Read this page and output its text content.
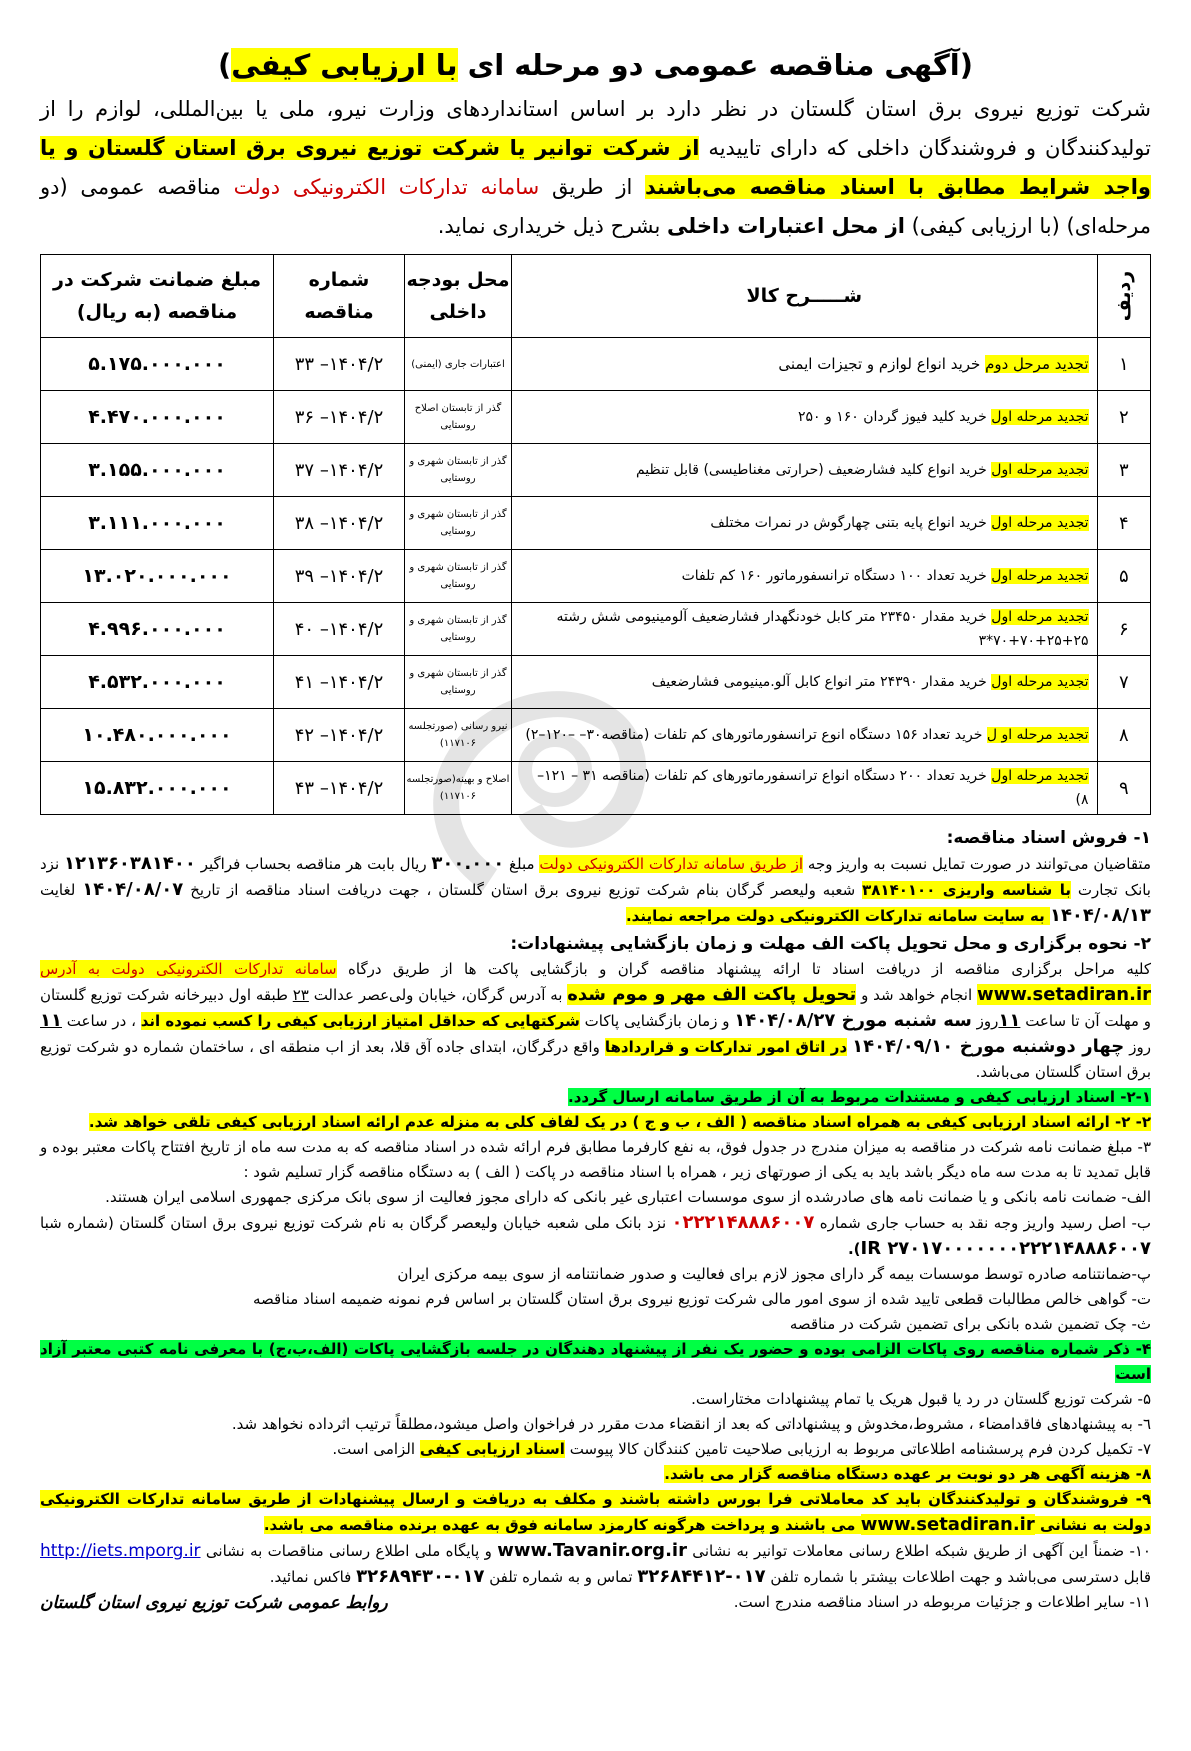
(آگهی مناقصه عمومی دو مرحله ای با ارزیابی کیفی)

شرکت توزیع نیروی برق استان گلستان در نظر دارد بر اساس استانداردهای وزارت نیرو، ملی یا بین‌المللی، لوازم را از تولیدکنندگان و فروشندگان داخلی که دارای تاییدیه از شرکت توانیر یا شرکت توزیع نیروی برق استان گلستان و یا واجد شرایط مطابق با اسناد مناقصه می‌باشند از طریق سامانه تدارکات الکترونیکی دولت مناقصه عمومی (دو مرحله‌ای) (با ارزیابی کیفی) از محل اعتبارات داخلی بشرح ذیل خریداری نماید.

ردیف	شـــــرح کالا	محل بودجه داخلی	شماره مناقصه	مبلغ ضمانت شرکت در مناقصه (به ریال)
۱	تجدید مرحل دوم خرید انواع لوازم و تجیزات ایمنی	اعتبارات جاری (ایمنی)	۱۴۰۴/۲– ۳۳	۵.۱۷۵.۰۰۰.۰۰۰
۲	تجدید مرحله اول خرید کلید فیوز گردان ۱۶۰ و ۲۵۰	گذر از تابستان اصلاح روستایی	۱۴۰۴/۲– ۳۶	۴.۴۷۰.۰۰۰.۰۰۰
۳	تجدید مرحله اول خرید انواع کلید فشارضعیف (حرارتی مغناطیسی) قابل تنظیم	گذر از تابستان شهری و روستایی	۱۴۰۴/۲– ۳۷	۳.۱۵۵.۰۰۰.۰۰۰
۴	تجدید مرحله اول خرید انواع پایه بتنی چهارگوش در نمرات مختلف	گذر از تابستان شهری و روستایی	۱۴۰۴/۲– ۳۸	۳.۱۱۱.۰۰۰.۰۰۰
۵	تجدید مرحله اول خرید تعداد ۱۰۰ دستگاه ترانسفورماتور ۱۶۰ کم تلفات	گذر از تابستان شهری و روستایی	۱۴۰۴/۲– ۳۹	۱۳.۰۲۰.۰۰۰.۰۰۰
۶	تجدید مرحله اول خرید مقدار ۲۳۴۵۰ متر کابل خودنگهدار فشارضعیف آلومینیومی شش رشته ۲۵+۲۵+۷۰+۷۰*۳	گذر از تابستان شهری و روستایی	۱۴۰۴/۲– ۴۰	۴.۹۹۶.۰۰۰.۰۰۰
۷	تجدید مرحله اول خرید مقدار ۲۴۳۹۰ متر انواع کابل آلو.مینیومی فشارضعیف	گذر از تابستان شهری و روستایی	۱۴۰۴/۲– ۴۱	۴.۵۳۲.۰۰۰.۰۰۰
۸	تجدید مرحله او ل خرید تعداد ۱۵۶ دستگاه انوع ترانسفورماتورهای کم تلفات (مناقصه۳۰– –۱۲۰–۲)	نیرو رسانی (صورتجلسه ۱۱۷۱۰۶)	۱۴۰۴/۲– ۴۲	۱۰.۴۸۰.۰۰۰.۰۰۰
۹	تجدید مرحله اول خرید تعداد ۲۰۰ دستگاه انواع ترانسفورماتورهای کم تلفات (مناقصه ۳۱ – ۱۲۱– ۸)	اصلاح و بهینه(صورتجلسه ۱۱۷۱۰۶)	۱۴۰۴/۲– ۴۳	۱۵.۸۳۲.۰۰۰.۰۰۰
۱- فروش اسناد مناقصه:

متقاضیان می‌توانند در صورت تمایل نسبت به واریز وجه از طریق سامانه تدارکات الکترونیکی دولت مبلغ ۳۰۰.۰۰۰ ریال بابت هر مناقصه بحساب فراگیر ۱۲۱۳۶۰۳۸۱۴۰۰ نزد بانک تجارت با شناسه واریزی ۳۸۱۴۰۱۰۰ شعبه ولیعصر گرگان بنام شرکت توزیع نیروی برق استان گلستان ، جهت دریافت اسناد مناقصه از تاریخ ۱۴۰۴/۰۸/۰۷ لغایت ۱۴۰۴/۰۸/۱۳ به سایت سامانه تدارکات الکترونیکی دولت مراجعه نمایند.

۲- نحوه برگزاری و محل تحویل پاکت الف مهلت و زمان بازگشایی پیشنهادات:

کلیه مراحل برگزاری مناقصه از دریافت اسناد تا ارائه پیشنهاد مناقصه گران و بازگشایی پاکت ها از طریق درگاه سامانه تدارکات الکترونیکی دولت به آدرس www.setadiran.ir انجام خواهد شد و تحویل پاکت الف مهر و موم شده به آدرس گرگان، خیابان ولی‌عصر عدالت ۲۳ طبقه اول دبیرخانه شرکت توزیع گلستان و مهلت آن تا ساعت ۱۱روز سه شنبه مورخ ۱۴۰۴/۰۸/۲۷ و زمان بازگشایی پاکات شرکتهایی که حداقل امتیاز ارزیابی کیفی را کسب نموده اند ، در ساعت ۱۱ روز چهار دوشنبه مورخ ۱۴۰۴/۰۹/۱۰ در اتاق امور تدارکات و قراردادها واقع درگرگان، ابتدای جاده آق قلا، بعد از اب منطقه ای ، ساختمان شماره دو شرکت توزیع برق استان گلستان می‌باشد.

۲-۱- اسناد ارزیابی کیفی و مستندات مربوط به آن از طریق سامانه ارسال گردد.

۲- ۲- ارائه اسناد ارزیابی کیفی به همراه اسناد مناقصه ( الف ، ب و ج ) در یک لفاف کلی به منزله عدم ارائه اسناد ارزیابی کیفی تلقی خواهد شد.

۳- مبلغ ضمانت نامه شرکت در مناقصه به میزان مندرج در جدول فوق، به نفع کارفرما مطابق فرم ارائه شده در اسناد مناقصه که به مدت سه ماه از تاریخ افتتاح پاکات معتبر بوده و قابل تمدید تا به مدت سه ماه دیگر باشد باید به یکی از صورتهای زیر ، همراه با اسناد مناقصه در پاکت ( الف ) به دستگاه مناقصه گزار تسلیم شود :

الف- ضمانت نامه بانکی و یا ضمانت نامه های صادرشده از سوی موسسات اعتباری غیر بانکی که دارای مجوز فعالیت از سوی بانک مرکزی جمهوری اسلامی ایران هستند.

ب- اصل رسید واریز وجه نقد به حساب جاری شماره ۰۲۲۲۱۴۸۸۸۶۰۰۷ نزد بانک ملی شعبه خیابان ولیعصر گرگان به نام شرکت توزیع نیروی برق استان گلستان (شماره شبا IR ۲۷۰۱۷۰۰۰۰۰۰۰۲۲۲۱۴۸۸۸۶۰۰۷).

پ-ضمانتنامه صادره توسط موسسات بیمه گر دارای مجوز لازم برای فعالیت و صدور ضمانتنامه از سوی بیمه مرکزی ایران

ت- گواهی خالص مطالبات قطعی تایید شده از سوی امور مالی شرکت توزیع نیروی برق استان گلستان بر اساس فرم نمونه ضمیمه اسناد مناقصه

ث- چک تضمین شده بانکی برای تضمین شرکت در مناقصه

۴- ذکر شماره مناقصه روی پاکات الزامی بوده و حضور یک نفر از پیشنهاد دهندگان در جلسه بازگشایی پاکات (الف،ب،ج) با معرفی نامه کتبی معتبر آزاد است

۵- شرکت توزیع گلستان در رد یا قبول هریک یا تمام پیشنهادات مختاراست.

٦- به پیشنهادهای فاقدامضاء ، مشروط،مخدوش و پیشنهاداتی که بعد از انقضاء مدت مقرر در فراخوان واصل میشود،مطلقاً ترتیب اثرداده نخواهد شد.

۷- تکمیل کردن فرم پرسشنامه اطلاعاتی مربوط به ارزیابی صلاحیت تامین کنندگان کالا پیوست اسناد ارزیابی کیفی الزامی است.

۸- هزینه آگهی هر دو نوبت بر عهده دستگاه مناقصه گزار می باشد.

۹- فروشندگان و تولیدکنندگان باید کد معاملاتی فرا بورس داشته باشند و مکلف به دریافت و ارسال پیشنهادات از طریق سامانه تدارکات الکترونیکی دولت به نشانی www.setadiran.ir می باشند و پرداخت هرگونه کارمزد سامانه فوق به عهده برنده مناقصه می باشد.

۱۰- ضمناً این آگهی از طریق شبکه اطلاع رسانی معاملات توانیر به نشانی www.Tavanir.org.ir و پایگاه ملی اطلاع رسانی مناقصات به نشانی http://iets.mporg.ir قابل دسترسی می‌باشد و جهت اطلاعات بیشتر با شماره تلفن ۰۱۷-۳۲۶۸۴۴۱۲ تماس و به شماره تلفن ۰۱۷-۳۲۶۸۹۴۳۰ فاکس نمائید.

۱۱- سایر اطلاعات و جزئیات مربوطه در اسناد مناقصه مندرج است.

روابط عمومی شرکت توزیع نیروی استان گلستان
